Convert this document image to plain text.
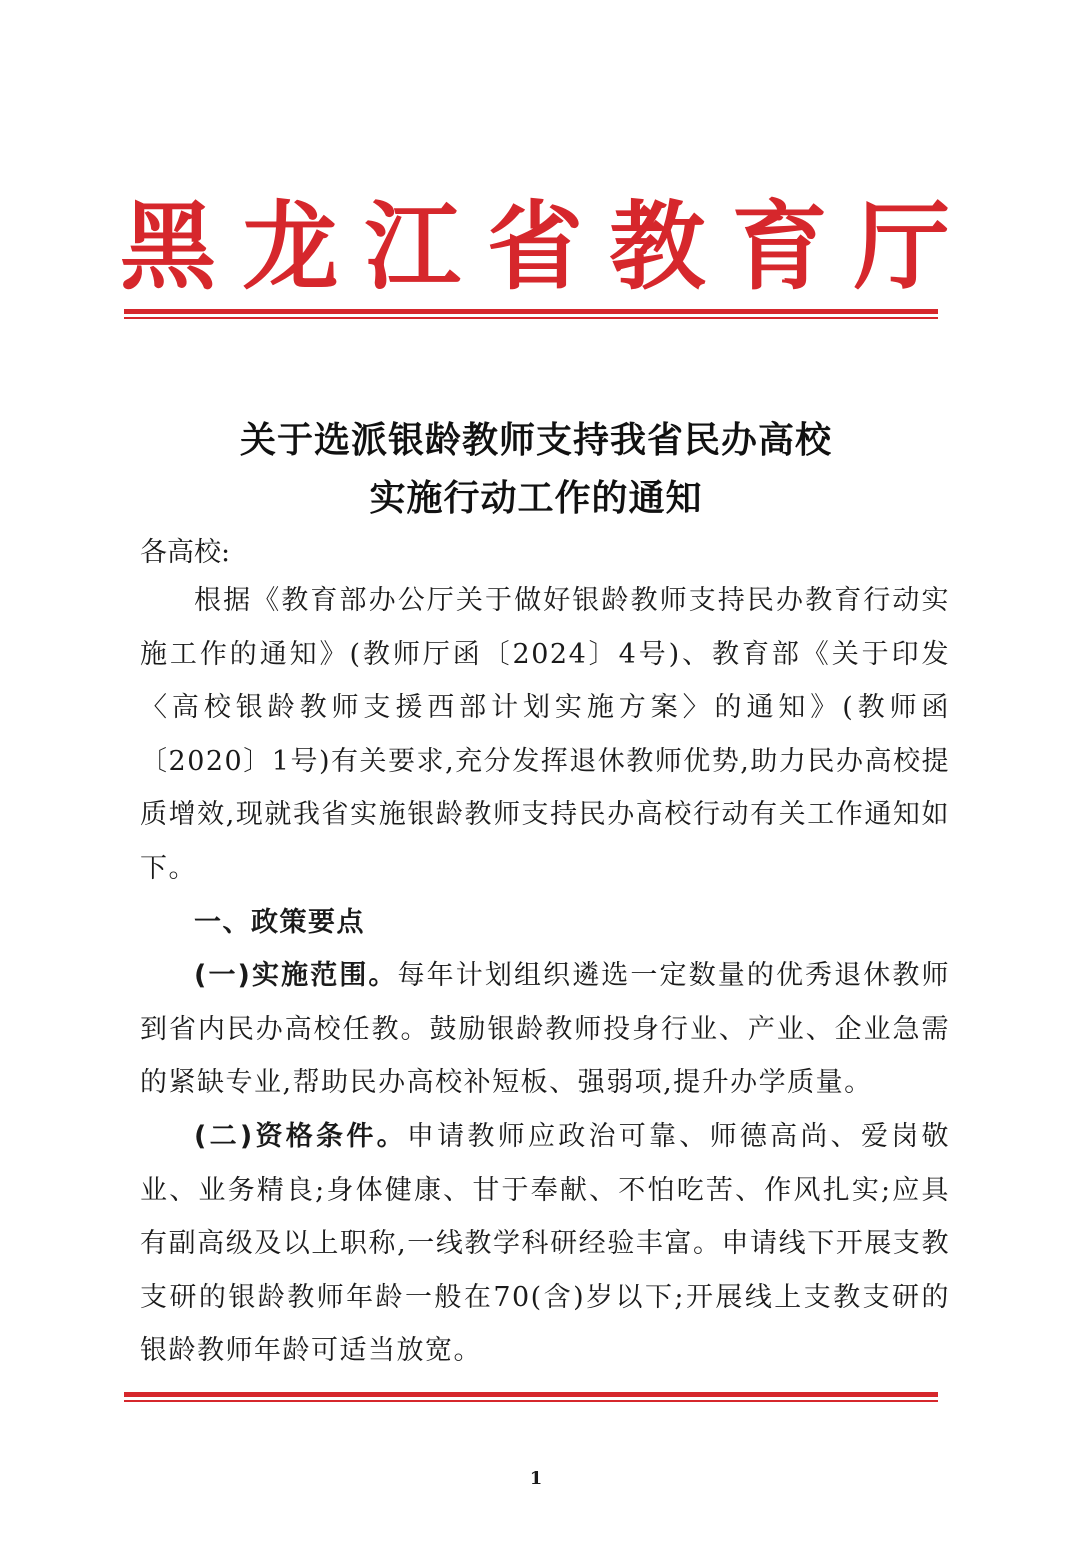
黑 龙 江 省 教 育 厅
关于选派银龄教师支持我省民办高校
实施行动工作的通知
各高校:

根据《教育部办公厅关于做好银龄教师支持民办教育行动实施工作的通知》(教师厅函〔2024〕4号)、教育部《关于印发〈高校银龄教师支援西部计划实施方案〉的通知》(教师函〔2020〕1号)有关要求,充分发挥退休教师优势,助力民办高校提质增效,现就我省实施银龄教师支持民办高校行动有关工作通知如下。

一、政策要点

(一)实施范围。每年计划组织遴选一定数量的优秀退休教师到省内民办高校任教。鼓励银龄教师投身行业、产业、企业急需的紧缺专业,帮助民办高校补短板、强弱项,提升办学质量。

(二)资格条件。申请教师应政治可靠、师德高尚、爱岗敬业、业务精良;身体健康、甘于奉献、不怕吃苦、作风扎实;应具有副高级及以上职称,一线教学科研经验丰富。申请线下开展支教支研的银龄教师年龄一般在70(含)岁以下;开展线上支教支研的银龄教师年龄可适当放宽。

1
